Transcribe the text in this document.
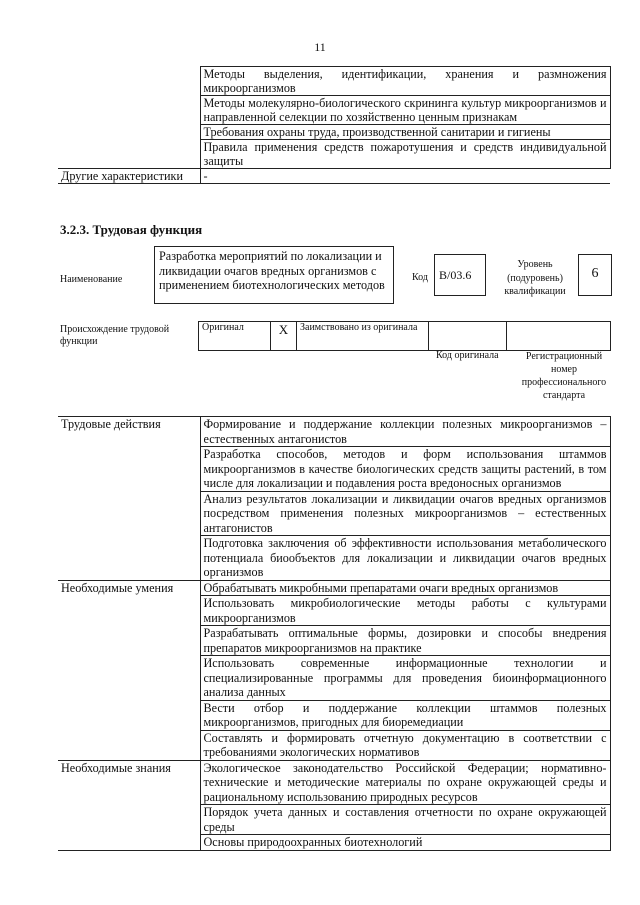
11
	Методы выделения, идентификации, хранения и размножения микроорганизмов
	Методы молекулярно-биологического скрининга культур микроорганизмов и направленной селекции по хозяйственно ценным признакам
	Требования охраны труда, производственной санитарии и гигиены
	Правила применения средств пожаротушения и средств индивидуальной защиты
Другие характеристики	-
3.2.3. Трудовая функция
Наименование
Разработка мероприятий по локализации и ликвидации очагов вредных организмов с применением биотехнологических методов
Код B/03.6
Уровень (подуровень) квалификации
6
Происхождение трудовой функции
Оригинал	X	Заимствовано из оригинала		
Код оригинала	Регистрационный номер профессионального стандарта
Трудовые действия	Формирование и поддержание коллекции полезных микроорганизмов – естественных антагонистов
	Разработка способов, методов и форм использования штаммов микроорганизмов в качестве биологических средств защиты растений, в том числе для локализации и подавления роста вредоносных организмов
	Анализ результатов локализации и ликвидации очагов вредных организмов посредством применения полезных микроорганизмов – естественных антагонистов
	Подготовка заключения об эффективности использования метаболического потенциала биообъектов для локализации и ликвидации очагов вредных организмов
Необходимые умения	Обрабатывать микробными препаратами очаги вредных организмов
	Использовать микробиологические методы работы с культурами микроорганизмов
	Разрабатывать оптимальные формы, дозировки и способы внедрения препаратов микроорганизмов на практике
	Использовать современные информационные технологии и специализированные программы для проведения биоинформационного анализа данных
	Вести отбор и поддержание коллекции штаммов полезных микроорганизмов, пригодных для биоремедиации
	Составлять и формировать отчетную документацию в соответствии с требованиями экологических нормативов
Необходимые знания	Экологическое законодательство Российской Федерации; нормативно-технические и методические материалы по охране окружающей среды и рациональному использованию природных ресурсов
	Порядок учета данных и составления отчетности по охране окружающей среды
	Основы природоохранных биотехнологий
